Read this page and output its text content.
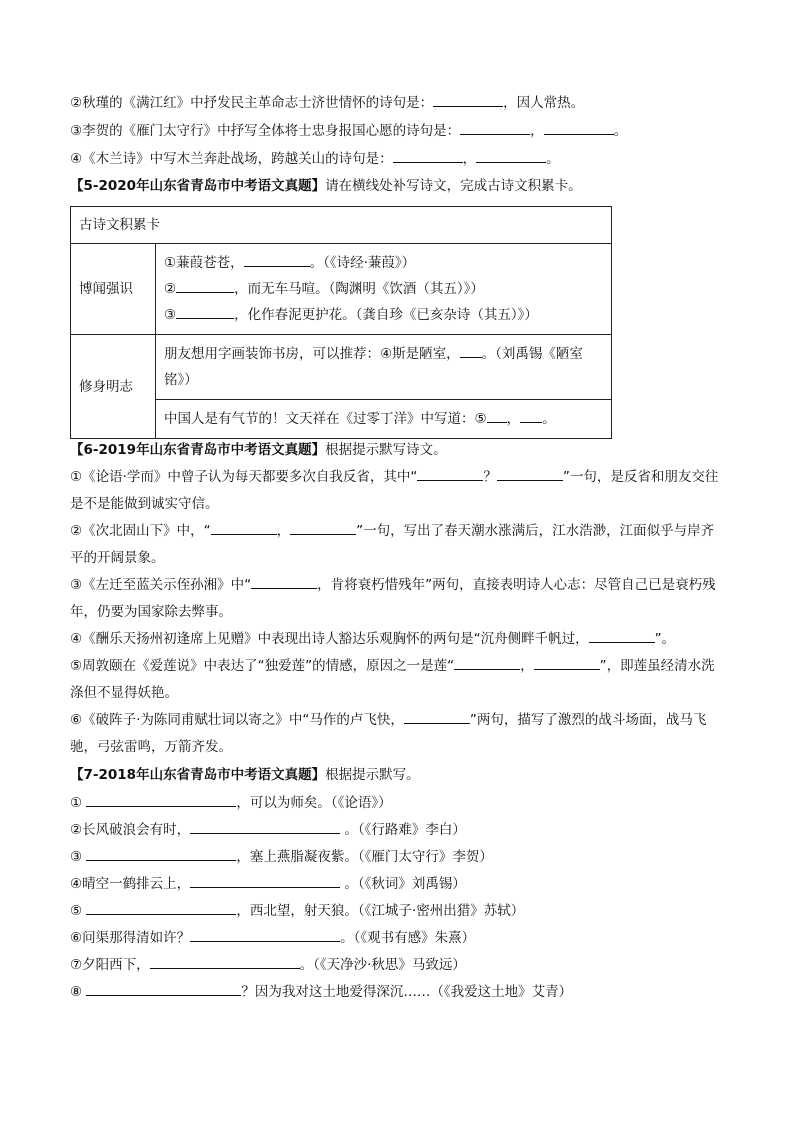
②秋瑾的《满江红》中抒发民主革命志士济世情怀的诗句是：	，因人常热。
③李贺的《雁门太守行》中抒写全体将士忠身报国心愿的诗句是：	，	。
④《木兰诗》中写木兰奔赴战场，跨越关山的诗句是：	，	。
【5-2020年山东省青岛市中考语文真题】请在横线处补写诗文，完成古诗文积累卡。
古诗文积累卡	
博闻强识	①蒹葭苍苍， 。（《诗经·蒹葭》）
② ，而无车马喧。（陶渊明《饮酒（其五）》）
③ ，化作春泥更护花。（龚自珍《已亥杂诗（其五）》）

修身明志	朋友想用字画装饰书房，可以推荐：④斯是陋室， 。（刘禹锡《陋室
铭》）

	中国人是有气节的！文天祥在《过零丁洋》中写道：⑤ ， 。
【6-2019年山东省青岛市中考语文真题】根据提示默写诗文。
①《论语·学而》中曾子认为每天都要多次自我反省，其中“	？	”一句，是反省和朋友交往是不是能做到诚实守信。
②《次北固山下》中，“	，	”一句，写出了春天潮水涨满后，江水浩渺，江面似乎与岸齐平的开阔景象。
③《左迁至蓝关示侄孙湘》中“	，肯将衰朽惜残年”两句，直接表明诗人心志：尽管自己已是衰朽残年，仍要为国家除去弊事。
④《酬乐天扬州初逢席上见赠》中表现出诗人豁达乐观胸怀的两句是“沉舟侧畔千帆过，	”。
⑤周敦颐在《爱莲说》中表达了“独爱莲”的情感，原因之一是莲“	，	”，即莲虽经清水洗涤但不显得妖艳。
⑥《破阵子·为陈同甫赋壮词以寄之》中“马作的卢飞快，	”两句，描写了激烈的战斗场面，战马飞驰，弓弦雷鸣，万箭齐发。
【7-2018年山东省青岛市中考语文真题】根据提示默写。
①	，可以为师矣。（《论语》）
②长风破浪会有时，	。（《行路难》李白）
③	，塞上燕脂凝夜紫。（《雁门太守行》李贺）
④晴空一鹤排云上，	。（《秋词》刘禹锡）
⑤	，西北望，射天狼。（《江城子·密州出猎》苏轼）
⑥问渠那得清如许？	。（《观书有感》朱熹）
⑦夕阳西下，	。（《天净沙·秋思》马致远）
⑧	？因为我对这土地爱得深沉……（《我爱这土地》艾青）
